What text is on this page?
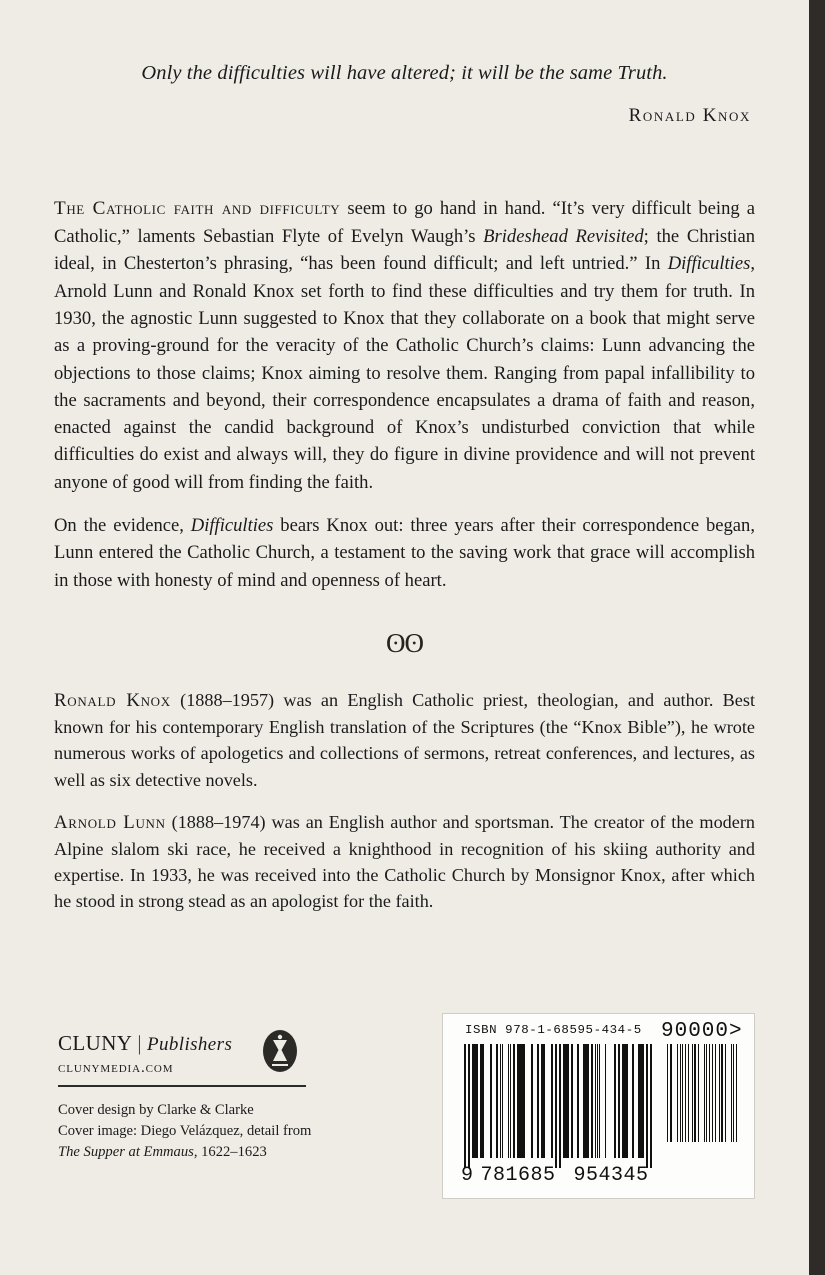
Only the difficulties will have altered; it will be the same Truth.
Ronald Knox

The Catholic faith and difficulty seem to go hand in hand. “It’s very difficult being a Catholic,” laments Sebastian Flyte of Evelyn Waugh’s Brideshead Revisited; the Christian ideal, in Chesterton’s phrasing, “has been found difficult; and left untried.” In Difficulties, Arnold Lunn and Ronald Knox set forth to find these difficulties and try them for truth. In 1930, the agnostic Lunn suggested to Knox that they collaborate on a book that might serve as a proving-ground for the veracity of the Catholic Church’s claims: Lunn advancing the objections to those claims; Knox aiming to resolve them. Ranging from papal infallibility to the sacraments and beyond, their correspondence encapsulates a drama of faith and reason, enacted against the candid background of Knox’s undisturbed conviction that while difficulties do exist and always will, they do figure in divine providence and will not prevent anyone of good will from finding the faith.

On the evidence, Difficulties bears Knox out: three years after their correspondence began, Lunn entered the Catholic Church, a testament to the saving work that grace will accomplish in those with honesty of mind and openness of heart.

ʘʘ

Ronald Knox (1888–1957) was an English Catholic priest, theologian, and author. Best known for his contemporary English translation of the Scriptures (the “Knox Bible”), he wrote numerous works of apologetics and collections of sermons, retreat conferences, and lectures, as well as six detective novels.

Arnold Lunn (1888–1974) was an English author and sportsman. The creator of the modern Alpine slalom ski race, he received a knighthood in recognition of his skiing authority and expertise. In 1933, he was received into the Catholic Church by Monsignor Knox, after which he stood in strong stead as an apologist for the faith.

CLUNY | Publishers
clunymedia.com
Cover design by Clarke & Clarke
Cover image: Diego Velázquez, detail from
The Supper at Emmaus, 1622–1623
ISBN 978-1-68595-434-5 90000>
9 781685 954345
